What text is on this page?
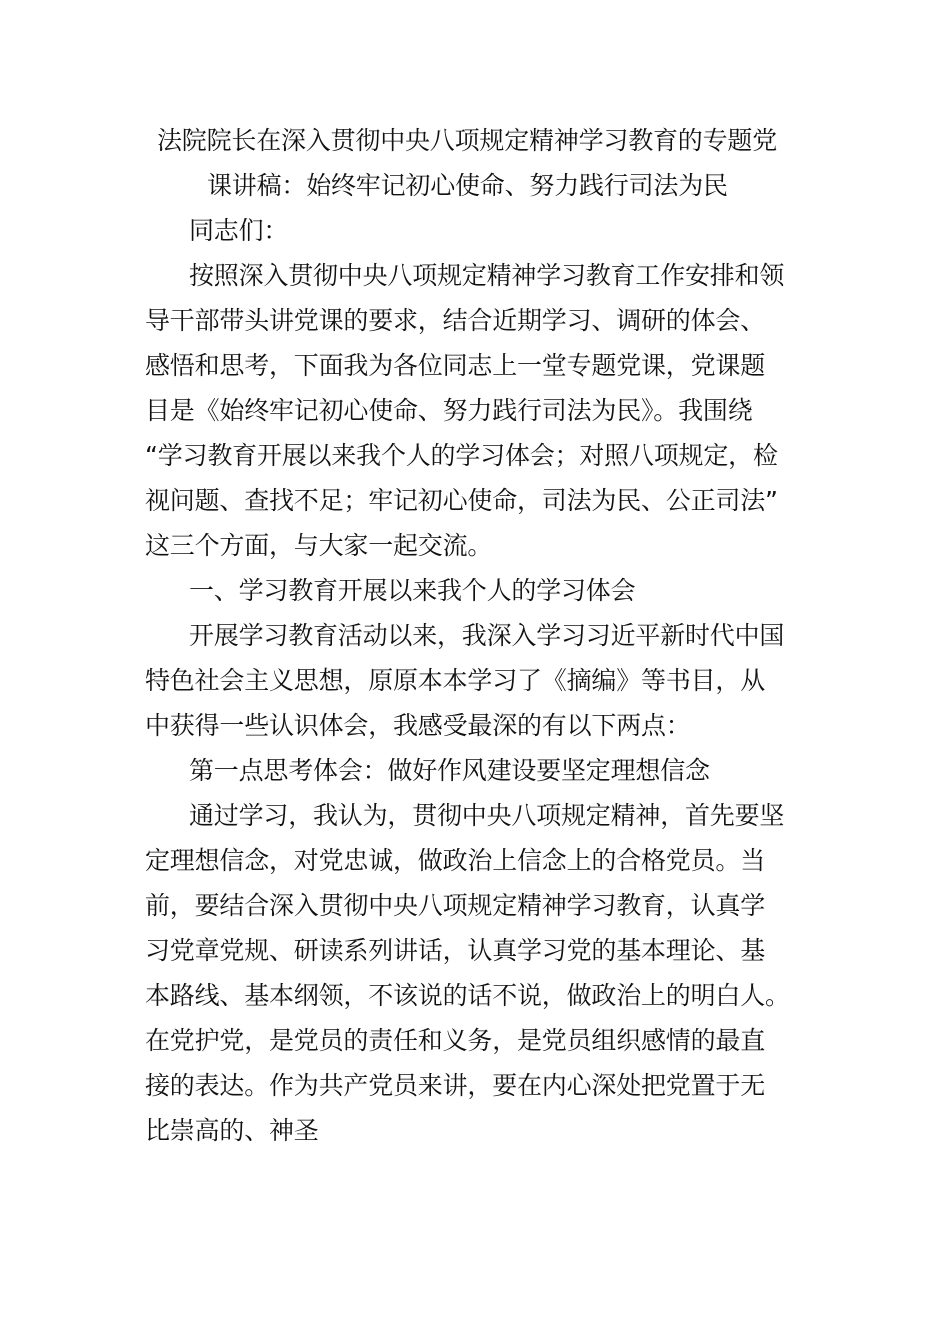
法院院长在深入贯彻中央八项规定精神学习教育的专题党
课讲稿：始终牢记初心使命、努力践行司法为民

同志们：

按照深入贯彻中央八项规定精神学习教育工作安排和领
导干部带头讲党课的要求，结合近期学习、调研的体会、
感悟和思考，下面我为各位同志上一堂专题党课，党课题
目是《始终牢记初心使命、努力践行司法为民》。我围绕
“学习教育开展以来我个人的学习体会；对照八项规定，检
视问题、查找不足；牢记初心使命，司法为民、公正司法”
这三个方面，与大家一起交流。

一、学习教育开展以来我个人的学习体会

开展学习教育活动以来，我深入学习习近平新时代中国
特色社会主义思想，原原本本学习了《摘编》等书目，从
中获得一些认识体会，我感受最深的有以下两点：

第一点思考体会：做好作风建设要坚定理想信念

通过学习，我认为，贯彻中央八项规定精神，首先要坚
定理想信念，对党忠诚，做政治上信念上的合格党员。当
前，要结合深入贯彻中央八项规定精神学习教育，认真学
习党章党规、研读系列讲话，认真学习党的基本理论、基
本路线、基本纲领，不该说的话不说，做政治上的明白人。
在党护党，是党员的责任和义务，是党员组织感情的最直
接的表达。作为共产党员来讲，要在内心深处把党置于无
比崇高的、神圣
